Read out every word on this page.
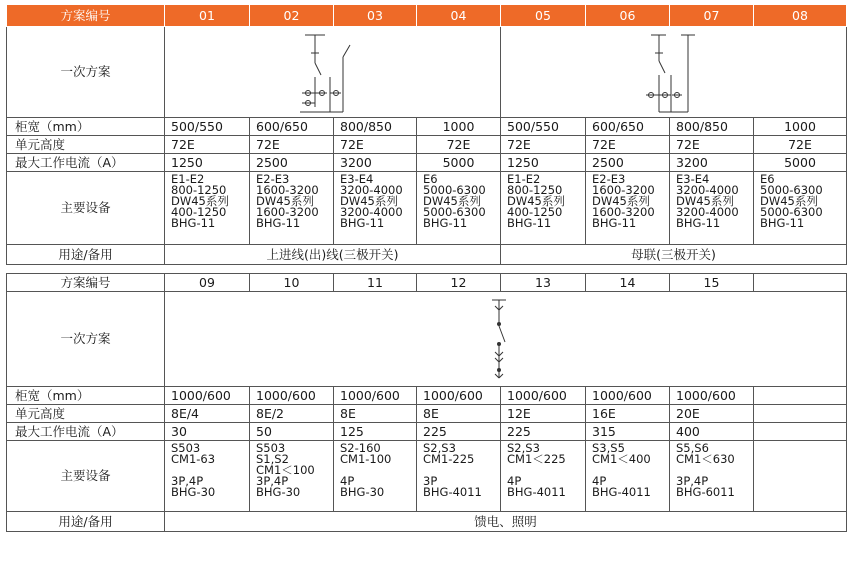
方案编号	01	02	03	04	05	06	07	08
一次方案	

柜宽（mm）	500/550	600/650	800/850	1000	500/550	600/650	800/850	1000
单元高度	72E	72E	72E	72E	72E	72E	72E	72E
最大工作电流（A）	1250	2500	3200	5000	1250	2500	3200	5000
主要设备	E1-E2
800-1250
DW45系列
400-1250
BHG-11	E2-E3
1600-3200
DW45系列
1600-3200
BHG-11	E3-E4
3200-4000
DW45系列
3200-4000
BHG-11	E6
5000-6300
DW45系列
5000-6300
BHG-11	E1-E2
800-1250
DW45系列
400-1250
BHG-11	E2-E3
1600-3200
DW45系列
1600-3200
BHG-11	E3-E4
3200-4000
DW45系列
3200-4000
BHG-11	E6
5000-6300
DW45系列
5000-6300
BHG-11
用途/备用	上进线(出)线(三极开关)				母联(三极开关)			

方案编号	09	10	11	12	13	14	15	
一次方案	

柜宽（mm）	1000/600	1000/600	1000/600	1000/600	1000/600	1000/600	1000/600	
单元高度	8E/4	8E/2	8E	8E	12E	16E	20E	
最大工作电流（A）	30	50	125	225	225	315	400	
主要设备	S503
CM1-63

3P,4P
BHG-30	S503
S1,S2
CM1＜100
3P,4P
BHG-30	S2-160
CM1-100

4P
BHG-30	S2,S3
CM1-225

3P
BHG-4011	S2,S3
CM1＜225

4P
BHG-4011	S3,S5
CM1＜400

4P
BHG-4011	S5,S6
CM1＜630

3P,4P
BHG-6011	
用途/备用	馈电、照明							
